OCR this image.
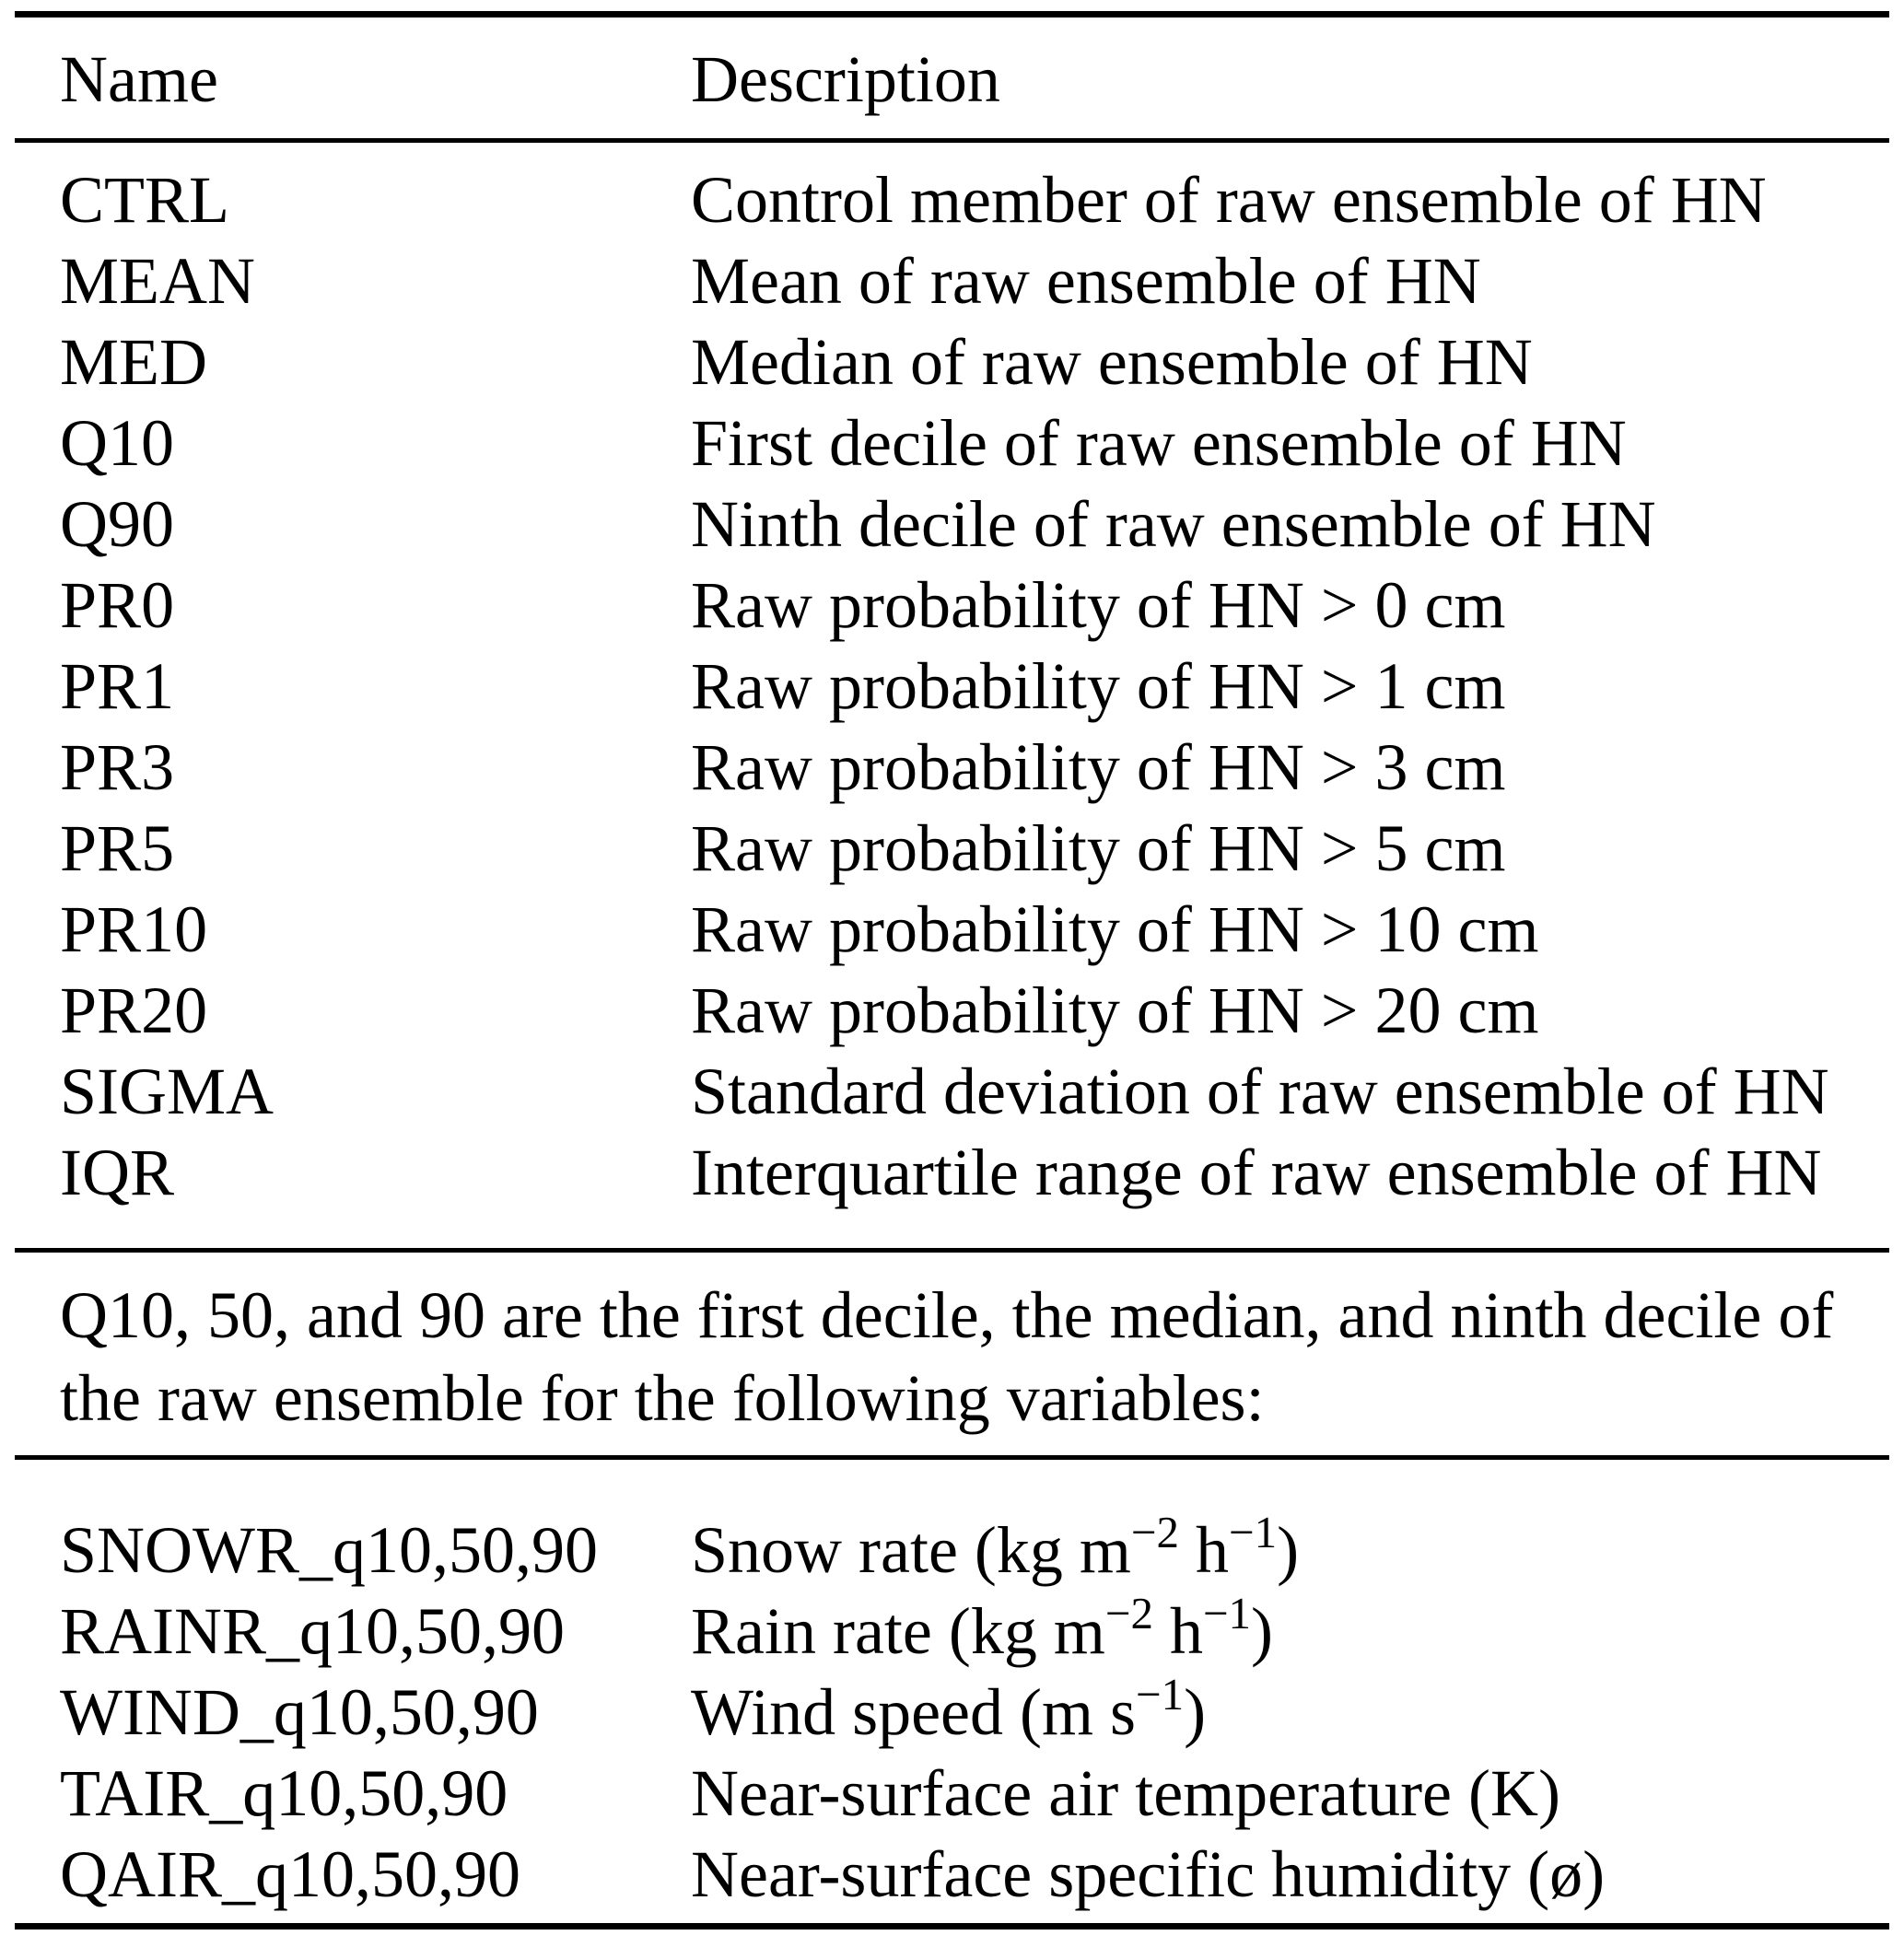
Name	Description
CTRL	Control member of raw ensemble of HN
MEAN	Mean of raw ensemble of HN
MED	Median of raw ensemble of HN
Q10	First decile of raw ensemble of HN
Q90	Ninth decile of raw ensemble of HN
PR0	Raw probability of HN > 0 cm
PR1	Raw probability of HN > 1 cm
PR3	Raw probability of HN > 3 cm
PR5	Raw probability of HN > 5 cm
PR10	Raw probability of HN > 10 cm
PR20	Raw probability of HN > 20 cm
SIGMA	Standard deviation of raw ensemble of HN
IQR	Interquartile range of raw ensemble of HN
Q10, 50, and 90 are the first decile, the median, and ninth decile of the raw ensemble for the following variables:
SNOWR_q10,50,90	Snow rate (kg $m^{-2}$ $h^{-1}$)
RAINR_q10,50,90	Rain rate (kg $m^{-2}$ $h^{-1}$)
WIND_q10,50,90	Wind speed (m $s^{-1}$)
TAIR_q10,50,90	Near-surface air temperature (K)
QAIR_q10,50,90	Near-surface specific humidity (ø)
